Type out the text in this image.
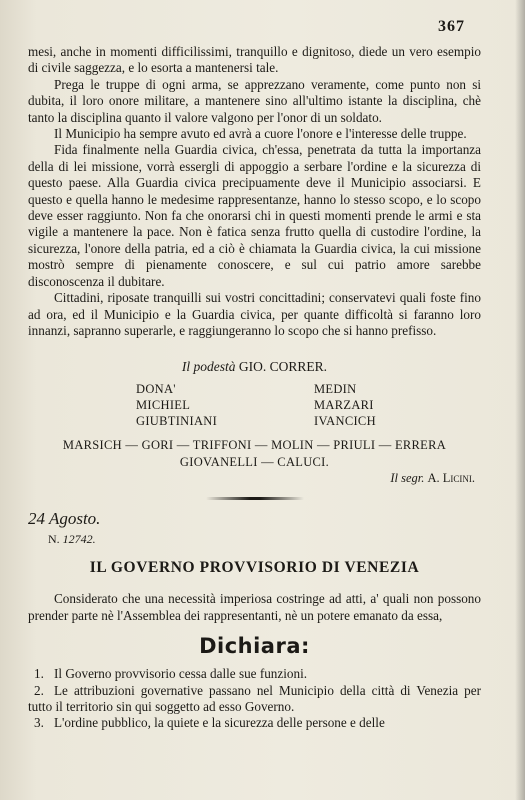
367

mesi, anche in momenti difficilissimi, tranquillo e dignitoso, diede un vero esempio di civile saggezza, e lo esorta a mantenersi tale.

Prega le truppe di ogni arma, se apprezzano veramente, come punto non si dubita, il loro onore militare, a mantenere sino all'ultimo istante la disciplina, chè tanto la disciplina quanto il valore valgono per l'onor di un soldato.

Il Municipio ha sempre avuto ed avrà a cuore l'onore e l'interesse delle truppe.

Fida finalmente nella Guardia civica, ch'essa, penetrata da tutta la importanza della di lei missione, vorrà essergli di appoggio a serbare l'ordine e la sicurezza di questo paese. Alla Guardia civica precipuamente deve il Municipio associarsi. E questo e quella hanno le medesime rappresentanze, hanno lo stesso scopo, e lo scopo deve esser raggiunto. Non fa che onorarsi chi in questi momenti prende le armi e sta vigile a mantenere la pace. Non è fatica senza frutto quella di custodire l'ordine, la sicurezza, l'onore della patria, ed a ciò è chiamata la Guardia civica, la cui missione mostrò sempre di pienamente conoscere, e sul cui patrio amore sarebbe disconoscenza il dubitare.

Cittadini, riposate tranquilli sui vostri concittadini; conservatevi quali foste fino ad ora, ed il Municipio e la Guardia civica, per quante difficoltà si faranno loro innanzi, sapranno superarle, e raggiungeranno lo scopo che si hanno prefisso.

Il podestà GIO. CORRER.
DONA'
MICHIEL
GIUBTINIANI
MEDIN
MARZARI
IVANCICH
MARSICH — GORI — TRIFFONI — MOLIN — PRIULI — ERRERA
GIOVANELLI — CALUCI.
Il segr. A. Licini.
24 Agosto.
N. 12742.
IL GOVERNO PROVVISORIO DI VENEZIA

Considerato che una necessità imperiosa costringe ad atti, a' quali non possono prender parte nè l'Assemblea dei rappresentanti, nè un potere emanato da essa,

Dichiara:

1. Il Governo provvisorio cessa dalle sue funzioni.

2. Le attribuzioni governative passano nel Municipio della città di Venezia per tutto il territorio sin qui soggetto ad esso Governo.

3. L'ordine pubblico, la quiete e la sicurezza delle persone e delle
